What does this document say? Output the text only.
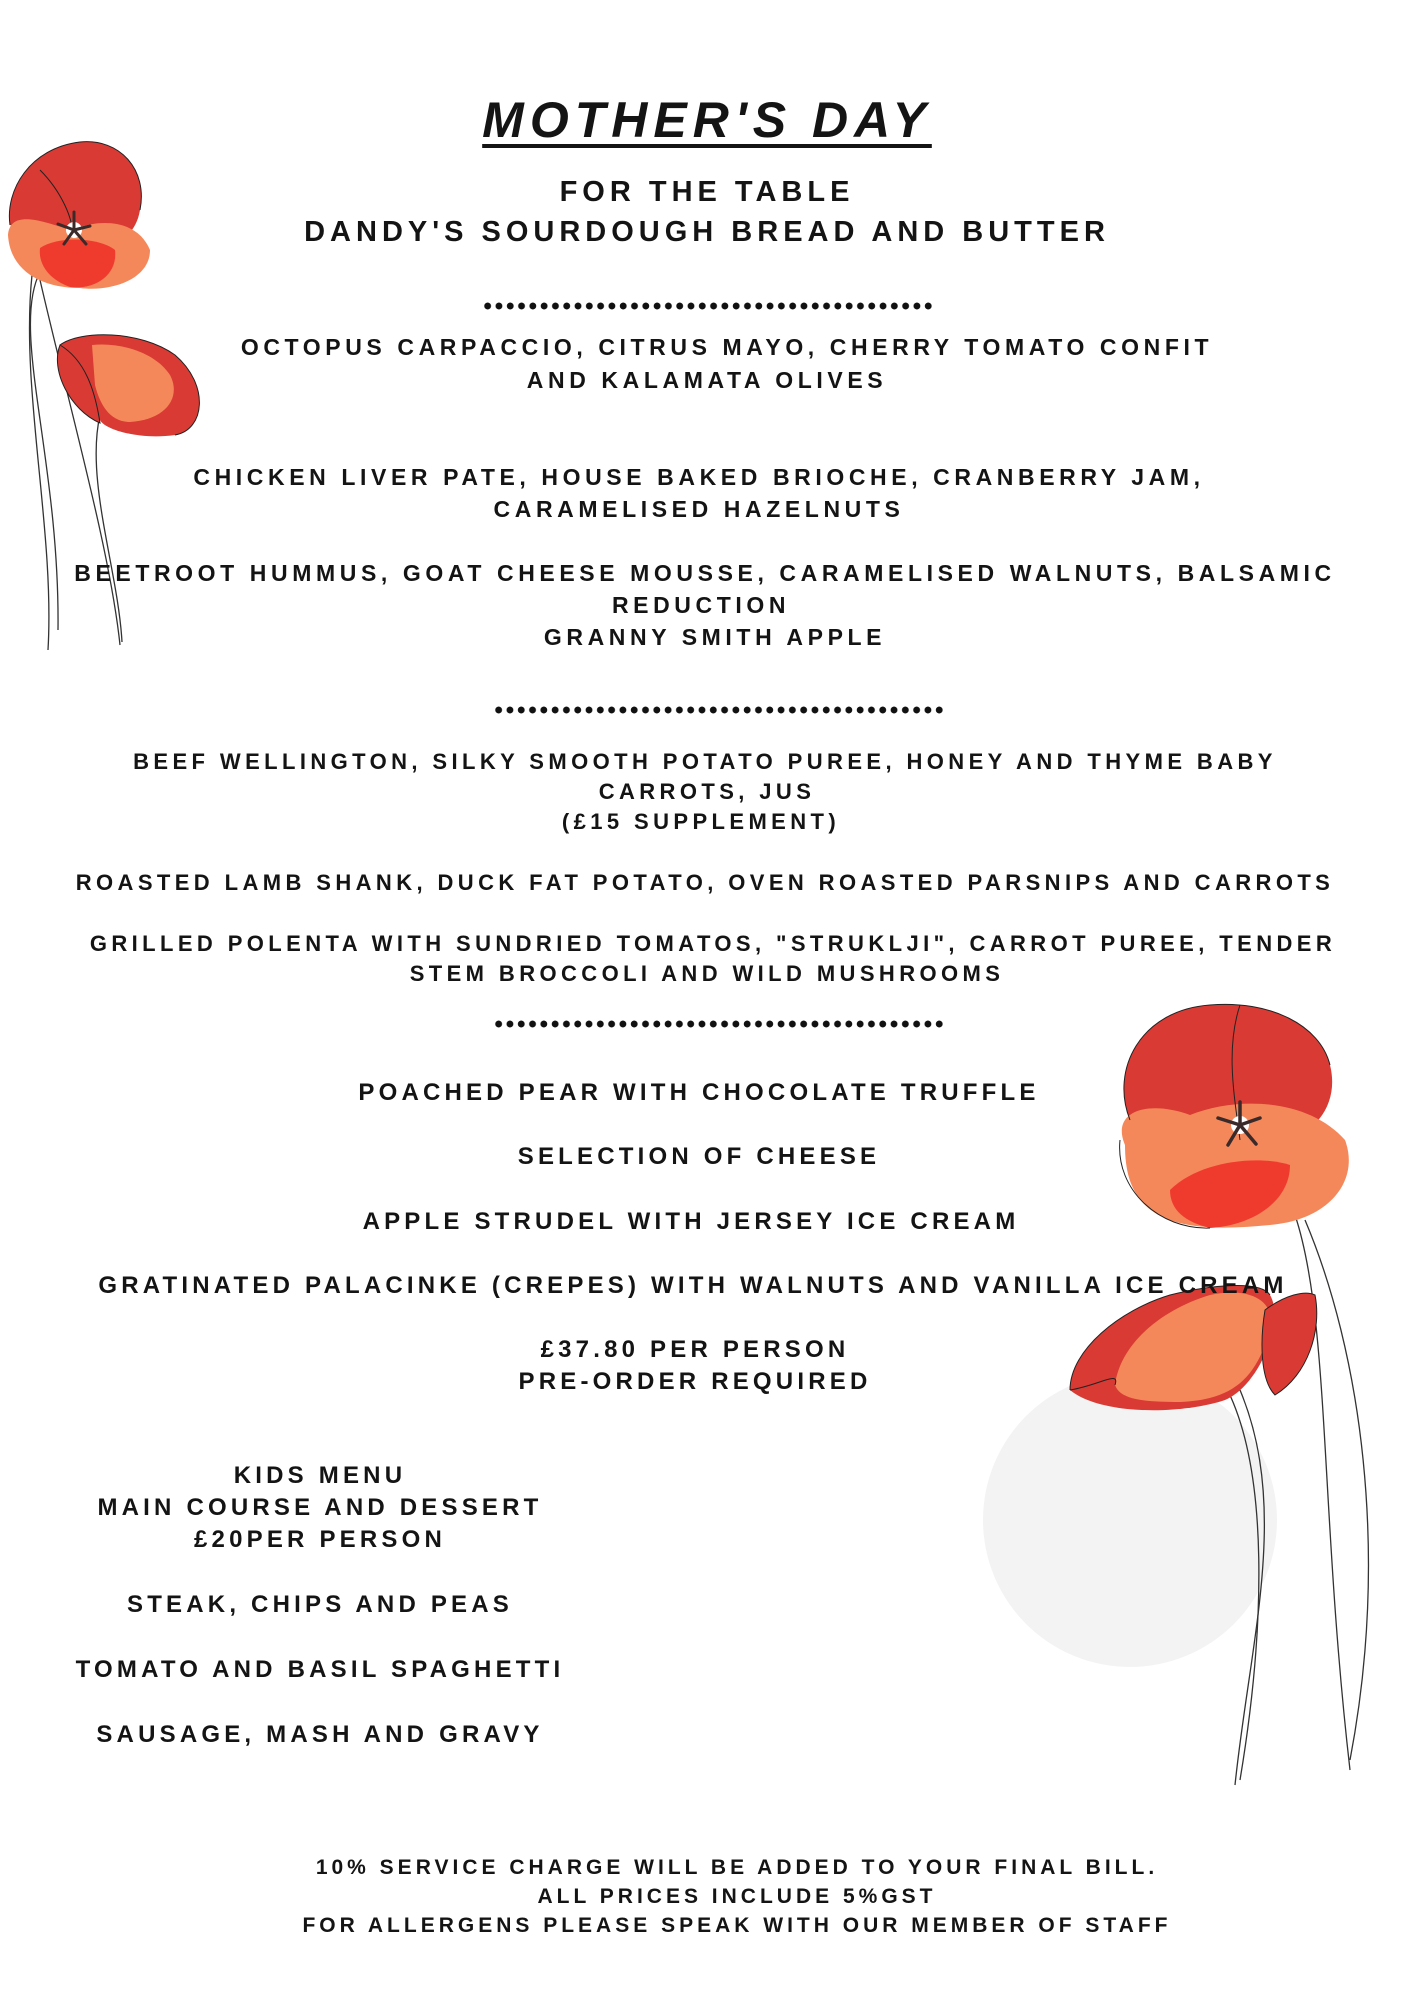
MOTHER'S DAY
FOR THE TABLE
DANDY'S SOURDOUGH BREAD AND BUTTER
OCTOPUS CARPACCIO, CITRUS MAYO, CHERRY TOMATO CONFIT
AND KALAMATA OLIVES
CHICKEN LIVER PATE, HOUSE BAKED BRIOCHE, CRANBERRY JAM,
CARAMELISED HAZELNUTS
BEETROOT HUMMUS, GOAT CHEESE MOUSSE, CARAMELISED WALNUTS, BALSAMIC
REDUCTION
GRANNY SMITH APPLE
BEEF WELLINGTON, SILKY SMOOTH POTATO PUREE, HONEY AND THYME BABY
CARROTS, JUS
(£15 SUPPLEMENT)
ROASTED LAMB SHANK, DUCK FAT POTATO, OVEN ROASTED PARSNIPS AND CARROTS
GRILLED POLENTA WITH SUNDRIED TOMATOS, "STRUKLJI", CARROT PUREE, TENDER
STEM BROCCOLI AND WILD MUSHROOMS
POACHED PEAR WITH CHOCOLATE TRUFFLE
SELECTION OF CHEESE
APPLE STRUDEL WITH JERSEY ICE CREAM
GRATINATED PALACINKE (CREPES) WITH WALNUTS AND VANILLA ICE CREAM
£37.80 PER PERSON
PRE-ORDER REQUIRED
KIDS MENU
MAIN COURSE AND DESSERT
£20PER PERSON
STEAK, CHIPS AND PEAS
TOMATO AND BASIL SPAGHETTI
SAUSAGE, MASH AND GRAVY
10% SERVICE CHARGE WILL BE ADDED TO YOUR FINAL BILL.
ALL PRICES INCLUDE 5%GST
FOR ALLERGENS PLEASE SPEAK WITH OUR MEMBER OF STAFF
